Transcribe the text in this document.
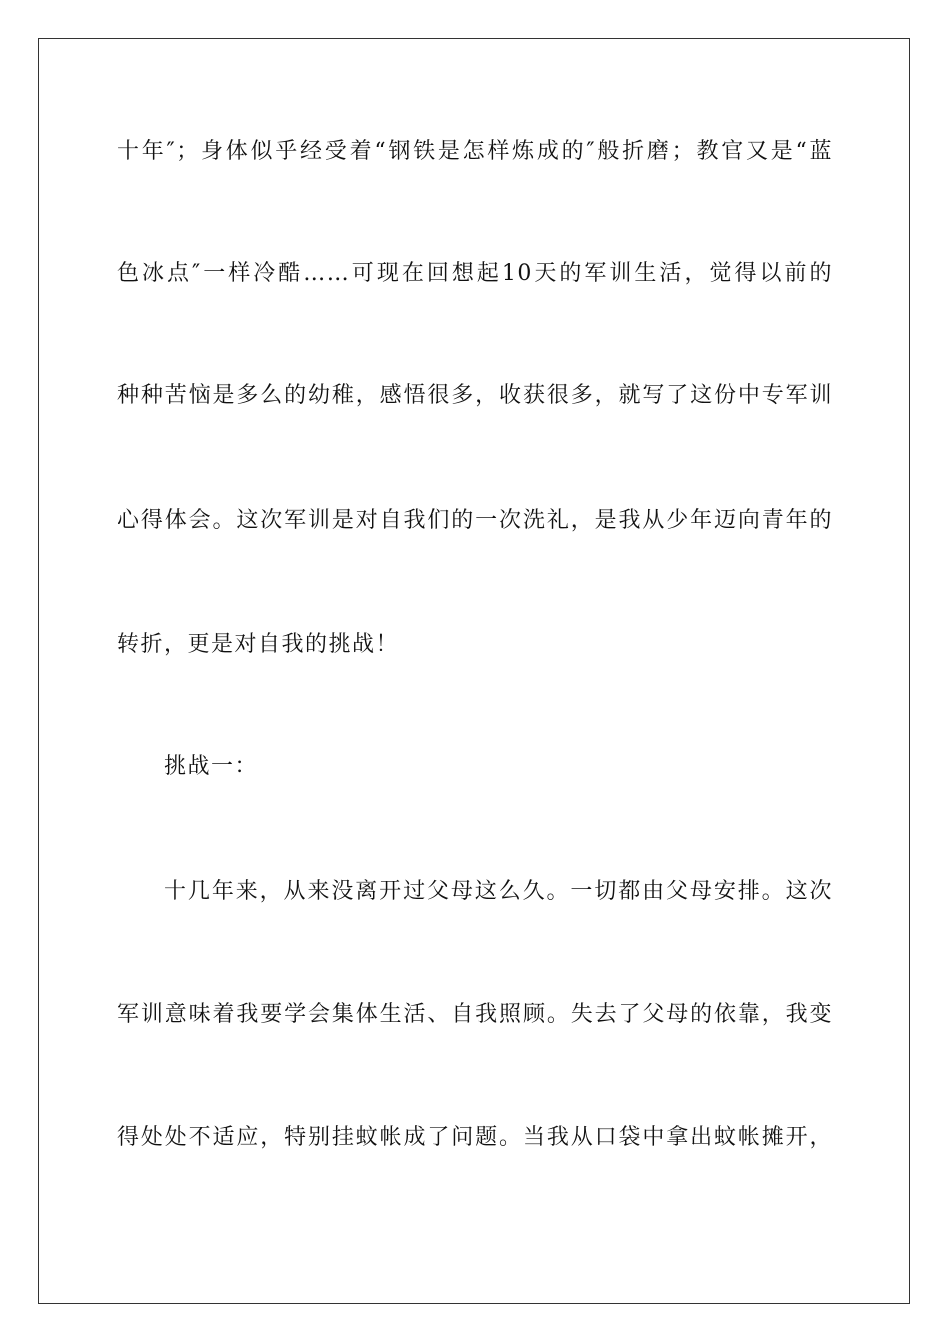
十年″；身体似乎经受着“钢铁是怎样炼成的″般折磨；教官又是“蓝
色冰点″一样冷酷……可现在回想起10天的军训生活，觉得以前的
种种苦恼是多么的幼稚，感悟很多，收获很多，就写了这份中专军训
心得体会。这次军训是对自我们的一次洗礼，是我从少年迈向青年的
转折，更是对自我的挑战！
挑战一：
十几年来，从来没离开过父母这么久。一切都由父母安排。这次
军训意味着我要学会集体生活、自我照顾。失去了父母的依靠，我变
得处处不适应，特别挂蚊帐成了问题。当我从口袋中拿出蚊帐摊开，
